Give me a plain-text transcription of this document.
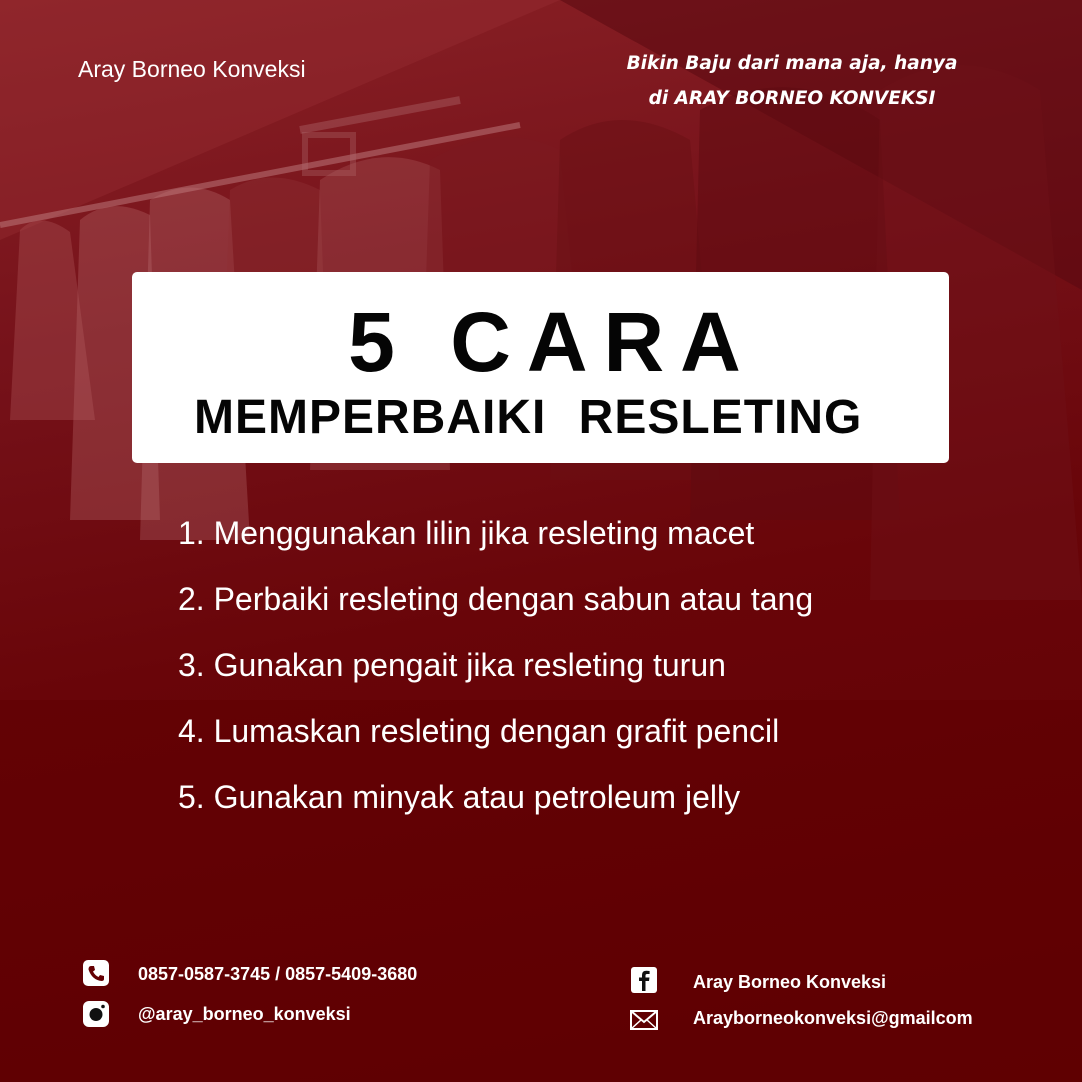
Aray Borneo Konveksi	Bikin Baju dari mana aja, hanya
di ARAY BORNEO KONVEKSI
5 CARA
MEMPERBAIKI RESLETING
1. Menggunakan lilin jika resleting macet
2. Perbaiki resleting dengan sabun atau tang
3. Gunakan pengait jika resleting turun
4. Lumaskan resleting dengan grafit pencil
5. Gunakan minyak atau petroleum jelly
0857-0587-3745 / 0857-5409-3680
@aray_borneo_konveksi
Aray Borneo Konveksi
Arayborneokonveksi@gmailcom
